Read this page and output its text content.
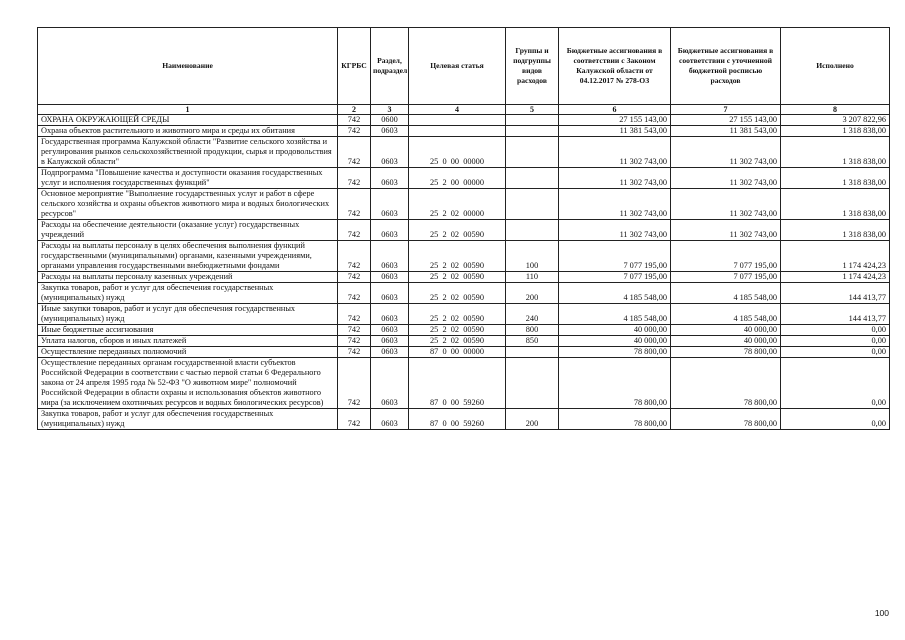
Наименование	КГРБС	Раздел, подраздел	Целевая статья	Группы и подгруппы видов расходов	Бюджетные ассигнования в соответствии с Законом Калужской области от 04.12.2017 № 278-ОЗ	Бюджетные ассигнования в соответствии с уточненной бюджетной росписью расходов	Исполнено
1	2	3	4	5	6	7	8
ОХРАНА ОКРУЖАЮЩЕЙ СРЕДЫ	742	0600			27 155 143,00	27 155 143,00	3 207 822,96
Охрана объектов растительного и животного мира и среды их обитания	742	0603			11 381 543,00	11 381 543,00	1 318 838,00
Государственная программа Калужской области "Развитие сельского хозяйства и регулирования рынков сельскохозяйственной продукции, сырья и продовольствия в Калужской области"	742	0603	25  0  00  00000		11 302 743,00	11 302 743,00	1 318 838,00
Подпрограмма "Повышение качества и доступности оказания государственных услуг и исполнения государственных функций"	742	0603	25  2  00  00000		11 302 743,00	11 302 743,00	1 318 838,00
Основное мероприятие "Выполнение государственных услуг и работ в сфере сельского хозяйства и охраны объектов животного мира и водных биологических ресурсов"	742	0603	25  2  02  00000		11 302 743,00	11 302 743,00	1 318 838,00
Расходы на обеспечение деятельности (оказание услуг) государственных учреждений	742	0603	25  2  02  00590		11 302 743,00	11 302 743,00	1 318 838,00
Расходы на выплаты персоналу в целях обеспечения выполнения функций государственными (муниципальными) органами, казенными учреждениями, органами управления государственными внебюджетными фондами	742	0603	25  2  02  00590	100	7 077 195,00	7 077 195,00	1 174 424,23
Расходы на выплаты персоналу казенных учреждений	742	0603	25  2  02  00590	110	7 077 195,00	7 077 195,00	1 174 424,23
Закупка товаров, работ и услуг для обеспечения государственных (муниципальных) нужд	742	0603	25  2  02  00590	200	4 185 548,00	4 185 548,00	144 413,77
Иные закупки товаров, работ и услуг для обеспечения государственных (муниципальных) нужд	742	0603	25  2  02  00590	240	4 185 548,00	4 185 548,00	144 413,77
Иные бюджетные ассигнования	742	0603	25  2  02  00590	800	40 000,00	40 000,00	0,00
Уплата налогов, сборов и иных платежей	742	0603	25  2  02  00590	850	40 000,00	40 000,00	0,00
Осуществление переданных полномочий	742	0603	87  0  00  00000		78 800,00	78 800,00	0,00
Осуществление переданных органам государственной власти субъектов Российской Федерации в соответствии с частью первой статьи 6 Федерального закона от 24 апреля 1995 года № 52-ФЗ "О животном мире" полномочий Российской Федерации в области охраны и использования объектов животного мира (за исключением охотничьих ресурсов и водных биологических ресурсов)	742	0603	87  0  00  59260		78 800,00	78 800,00	0,00
Закупка товаров, работ и услуг для обеспечения государственных (муниципальных) нужд	742	0603	87  0  00  59260	200	78 800,00	78 800,00	0,00
100
